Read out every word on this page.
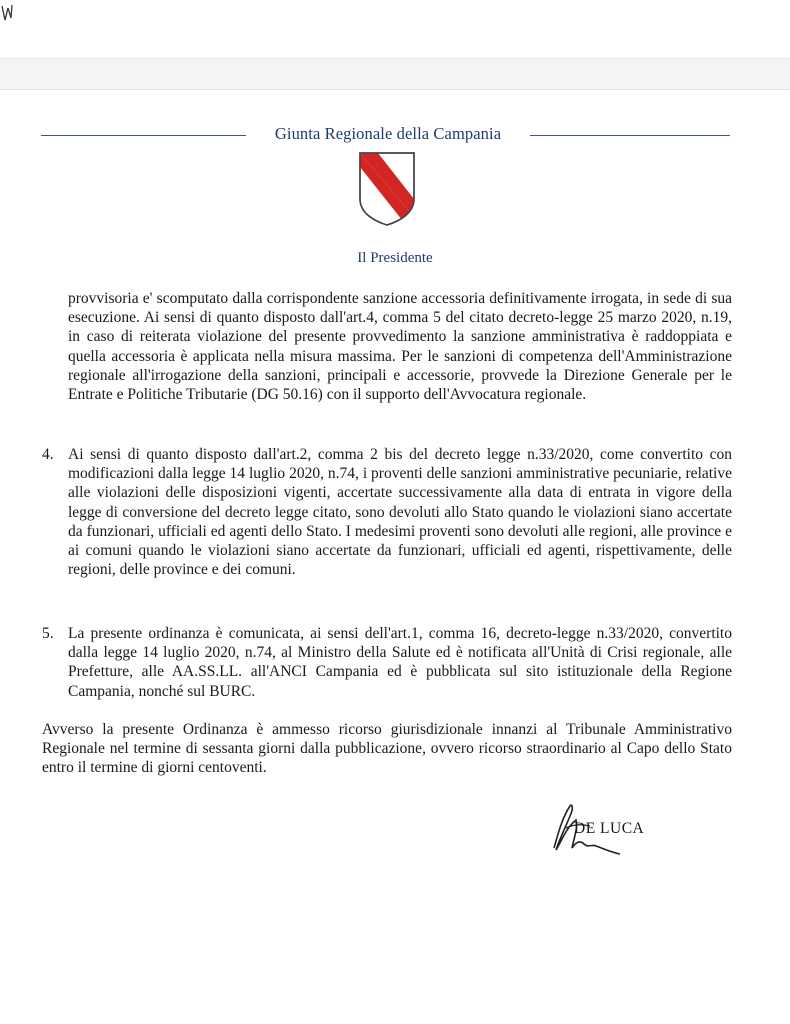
Giunta Regionale della Campania
Il Presidente
provvisoria e' scomputato dalla corrispondente sanzione accessoria definitivamente irrogata, in sede di sua esecuzione. Ai sensi di quanto disposto dall'art.4, comma 5 del citato decreto-legge 25 marzo 2020, n.19, in caso di reiterata violazione del presente provvedimento la sanzione amministrativa è raddoppiata e quella accessoria è applicata nella misura massima. Per le sanzioni di competenza dell'Amministrazione regionale all'irrogazione della sanzioni, principali e accessorie, provvede la Direzione Generale per le Entrate e Politiche Tributarie (DG 50.16) con il supporto dell'Avvocatura regionale.
4. Ai sensi di quanto disposto dall'art.2, comma 2 bis del decreto legge n.33/2020, come convertito con modificazioni dalla legge 14 luglio 2020, n.74, i proventi delle sanzioni amministrative pecuniarie, relative alle violazioni delle disposizioni vigenti, accertate successivamente alla data di entrata in vigore della legge di conversione del decreto legge citato, sono devoluti allo Stato quando le violazioni siano accertate da funzionari, ufficiali ed agenti dello Stato. I medesimi proventi sono devoluti alle regioni, alle province e ai comuni quando le violazioni siano accertate da funzionari, ufficiali ed agenti, rispettivamente, delle regioni, delle province e dei comuni.
5. La presente ordinanza è comunicata, ai sensi dell'art.1, comma 16, decreto-legge n.33/2020, convertito dalla legge 14 luglio 2020, n.74, al Ministro della Salute ed è notificata all'Unità di Crisi regionale, alle Prefetture, alle AA.SS.LL. all'ANCI Campania ed è pubblicata sul sito istituzionale della Regione Campania, nonché sul BURC.
Avverso la presente Ordinanza è ammesso ricorso giurisdizionale innanzi al Tribunale Amministrativo Regionale nel termine di sessanta giorni dalla pubblicazione, ovvero ricorso straordinario al Capo dello Stato entro il termine di giorni centoventi.
DE LUCA
